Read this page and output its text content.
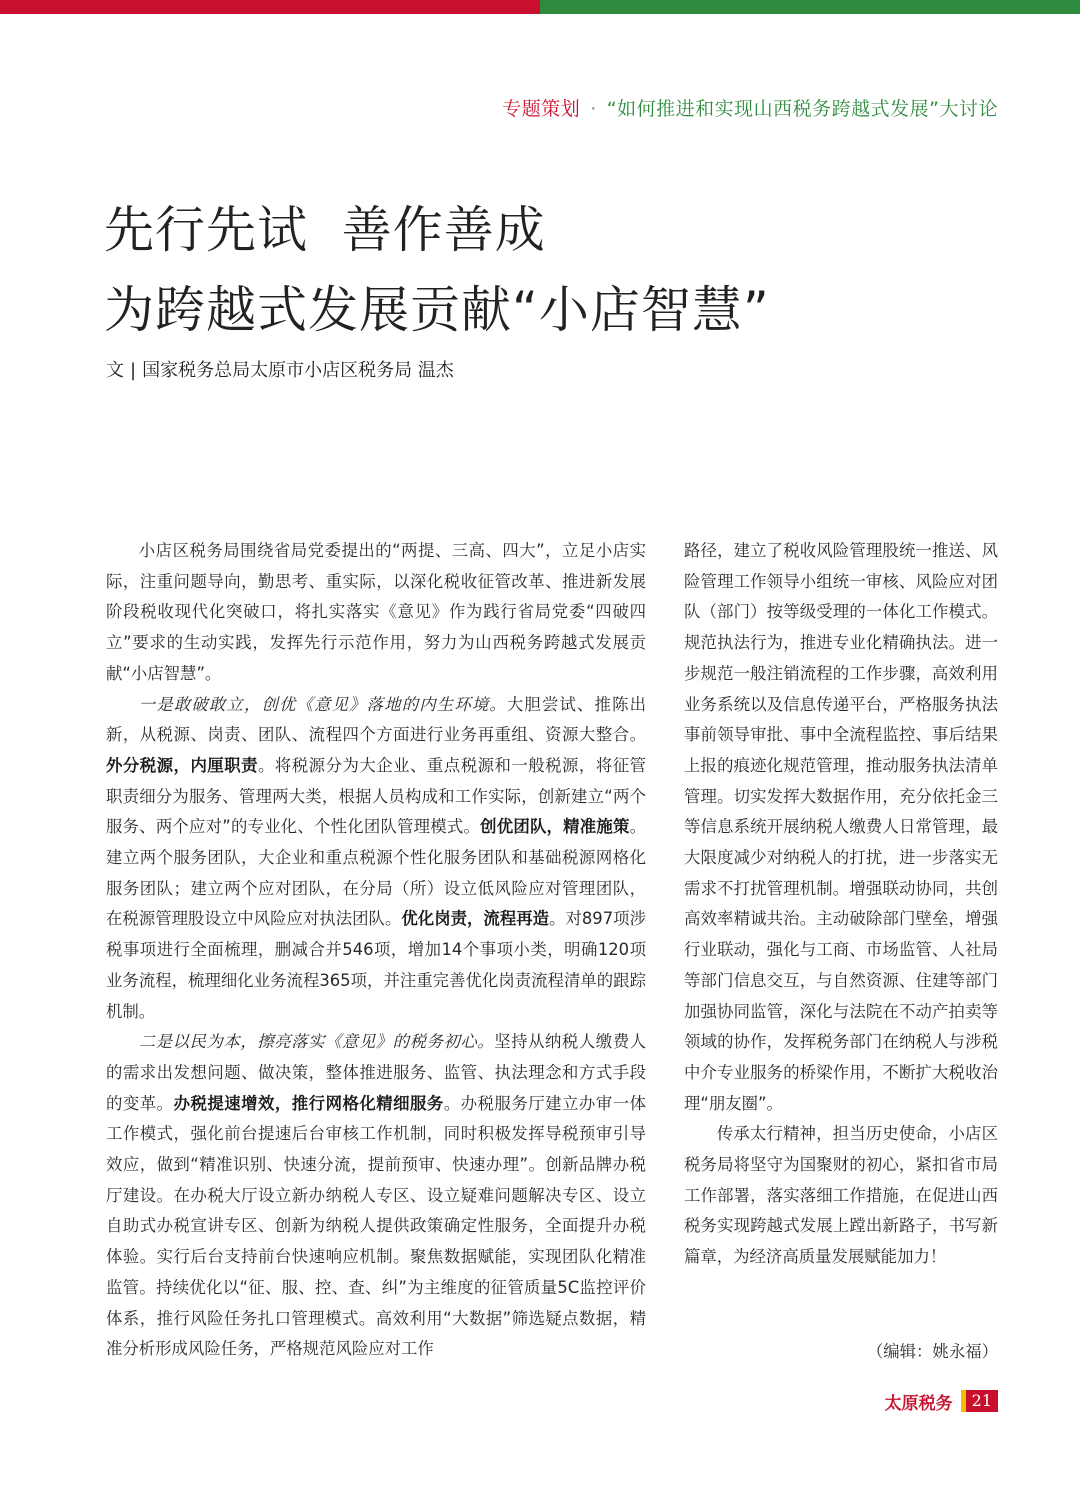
专题策划 · “如何推进和实现山西税务跨越式发展”大讨论
先行先试  善作善成
为跨越式发展贡献“小店智慧”
文 | 国家税务总局太原市小店区税务局 温杰

小店区税务局围绕省局党委提出的“两提、三高、四大”，立足小店实际，注重问题导向，勤思考、重实际，以深化税收征管改革、推进新发展阶段税收现代化突破口，将扎实落实《意见》作为践行省局党委“四破四立”要求的生动实践，发挥先行示范作用，努力为山西税务跨越式发展贡献“小店智慧”。

一是敢破敢立，创优《意见》落地的内生环境。大胆尝试、推陈出新，从税源、岗责、团队、流程四个方面进行业务再重组、资源大整合。外分税源，内厘职责。将税源分为大企业、重点税源和一般税源，将征管职责细分为服务、管理两大类，根据人员构成和工作实际，创新建立“两个服务、两个应对”的专业化、个性化团队管理模式。创优团队，精准施策。建立两个服务团队，大企业和重点税源个性化服务团队和基础税源网格化服务团队；建立两个应对团队，在分局（所）设立低风险应对管理团队，在税源管理股设立中风险应对执法团队。优化岗责，流程再造。对897项涉税事项进行全面梳理，删减合并546项，增加14个事项小类，明确120项业务流程，梳理细化业务流程365项，并注重完善优化岗责流程清单的跟踪机制。

二是以民为本，擦亮落实《意见》的税务初心。坚持从纳税人缴费人的需求出发想问题、做决策，整体推进服务、监管、执法理念和方式手段的变革。办税提速增效，推行网格化精细服务。办税服务厅建立办审一体工作模式，强化前台提速后台审核工作机制，同时积极发挥导税预审引导效应，做到“精准识别、快速分流，提前预审、快速办理”。创新品牌办税厅建设。在办税大厅设立新办纳税人专区、设立疑难问题解决专区、设立自助式办税宣讲专区、创新为纳税人提供政策确定性服务，全面提升办税体验。实行后台支持前台快速响应机制。聚焦数据赋能，实现团队化精准监管。持续优化以“征、服、控、查、纠”为主维度的征管质量5C监控评价体系，推行风险任务扎口管理模式。高效利用“大数据”筛选疑点数据，精准分析形成风险任务，严格规范风险应对工作

路径，建立了税收风险管理股统一推送、风险管理工作领导小组统一审核、风险应对团队（部门）按等级受理的一体化工作模式。规范执法行为，推进专业化精确执法。进一步规范一般注销流程的工作步骤，高效利用业务系统以及信息传递平台，严格服务执法事前领导审批、事中全流程监控、事后结果上报的痕迹化规范管理，推动服务执法清单管理。切实发挥大数据作用，充分依托金三等信息系统开展纳税人缴费人日常管理，最大限度减少对纳税人的打扰，进一步落实无需求不打扰管理机制。增强联动协同，共创高效率精诚共治。主动破除部门壁垒，增强行业联动，强化与工商、市场监管、人社局等部门信息交互，与自然资源、住建等部门加强协同监管，深化与法院在不动产拍卖等领域的协作，发挥税务部门在纳税人与涉税中介专业服务的桥梁作用，不断扩大税收治理“朋友圈”。

传承太行精神，担当历史使命，小店区税务局将坚守为国聚财的初心，紧扣省市局工作部署，落实落细工作措施，在促进山西税务实现跨越式发展上蹚出新路子，书写新篇章，为经济高质量发展赋能加力！

（编辑：姚永福）
太原税务	21
